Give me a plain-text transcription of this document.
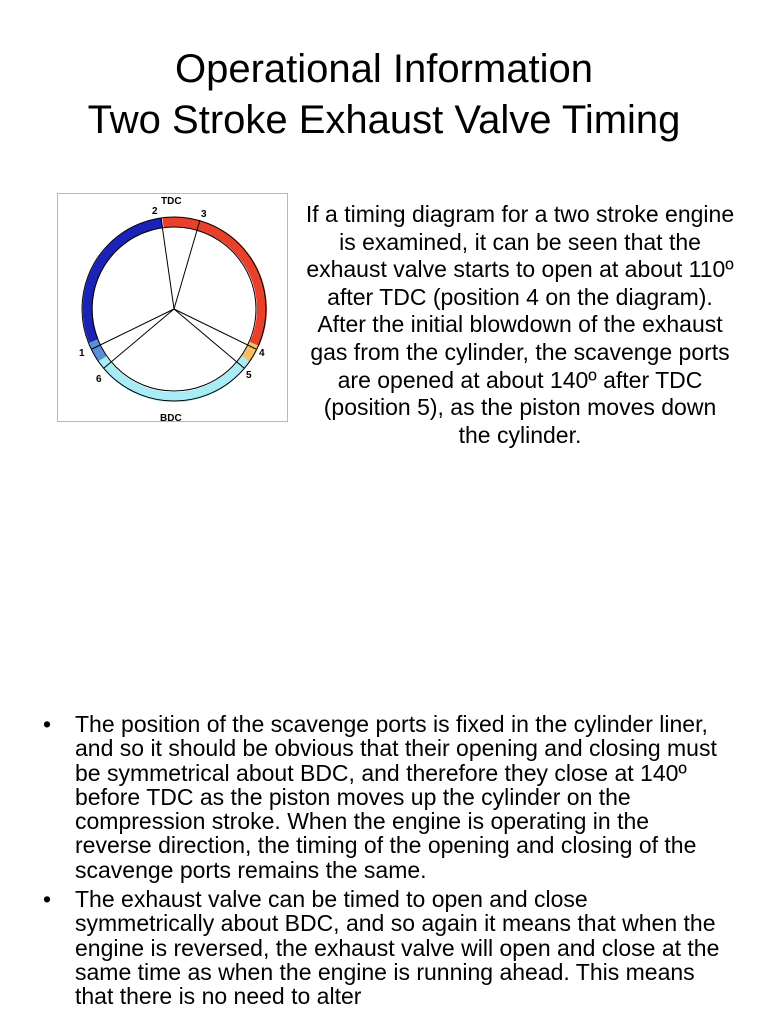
Operational Information
Two Stroke Exhaust Valve Timing
TDC
2	3
1	4
6	5
BDC

If a timing diagram for a two stroke engine is examined, it can be seen that the exhaust valve starts to open at about 110º after TDC (position 4 on the diagram). After the initial blowdown of the exhaust gas from the cylinder, the scavenge ports are opened at about 140º after TDC (position 5), as the piston moves down the cylinder.

• The position of the scavenge ports is fixed in the cylinder liner, and so it should be obvious that their opening and closing must be symmetrical about BDC, and therefore they close at 140º before TDC as the piston moves up the cylinder on the compression stroke. When the engine is operating in the reverse direction, the timing of the opening and closing of the scavenge ports remains the same.
• The exhaust valve can be timed to open and close symmetrically about BDC, and so again it means that when the engine is reversed, the exhaust valve will open and close at the same time as when the engine is running ahead. This means that there is no need to alter
